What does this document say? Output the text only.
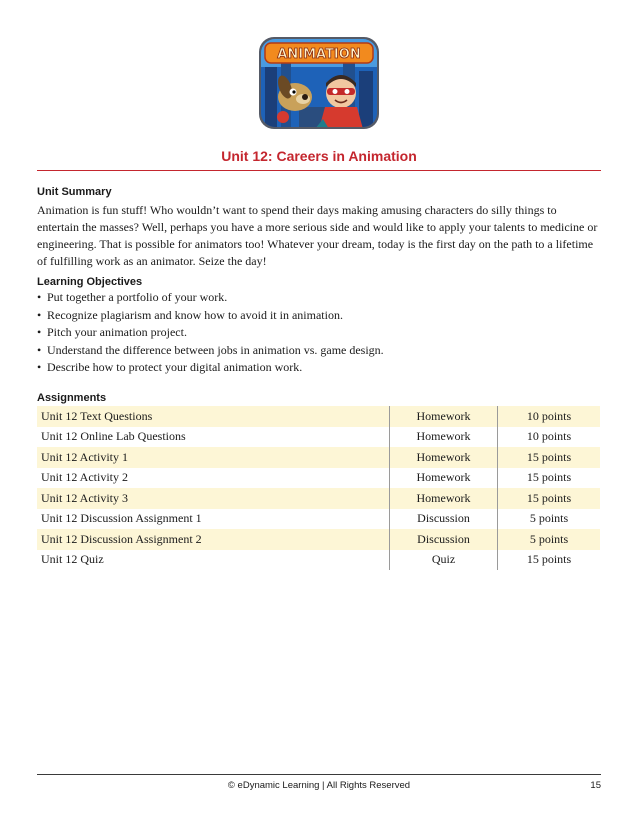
ANIMATION
Unit 12: Careers in Animation
Unit Summary
Animation is fun stuff! Who wouldn’t want to spend their days making amusing characters do silly things to entertain the masses? Well, perhaps you have a more serious side and would like to apply your talents to medicine or engineering. That is possible for animators too! Whatever your dream, today is the first day on the path to a lifetime of fulfilling work as an animator. Seize the day!
Learning Objectives
• Put together a portfolio of your work.
• Recognize plagiarism and know how to avoid it in animation.
• Pitch your animation project.
• Understand the difference between jobs in animation vs. game design.
• Describe how to protect your digital animation work.
Assignments
Unit 12 Text Questions	Homework	10 points
Unit 12 Online Lab Questions	Homework	10 points
Unit 12 Activity 1	Homework	15 points
Unit 12 Activity 2	Homework	15 points
Unit 12 Activity 3	Homework	15 points
Unit 12 Discussion Assignment 1	Discussion	5 points
Unit 12 Discussion Assignment 2	Discussion	5 points
Unit 12 Quiz	Quiz	15 points
© eDynamic Learning | All Rights Reserved	15
